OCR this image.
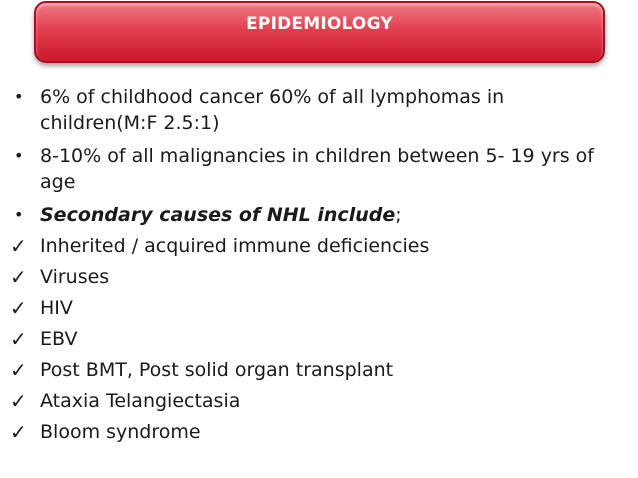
EPIDEMIOLOGY
• 6% of childhood cancer 60% of all lymphomas in children(M:F 2.5:1)
• 8-10% of all malignancies in children between 5- 19 yrs of age
• Secondary causes of NHL include;
✓ Inherited / acquired immune deficiencies
✓ Viruses
✓ HIV
✓ EBV
✓ Post BMT, Post solid organ transplant
✓ Ataxia Telangiectasia
✓ Bloom syndrome
